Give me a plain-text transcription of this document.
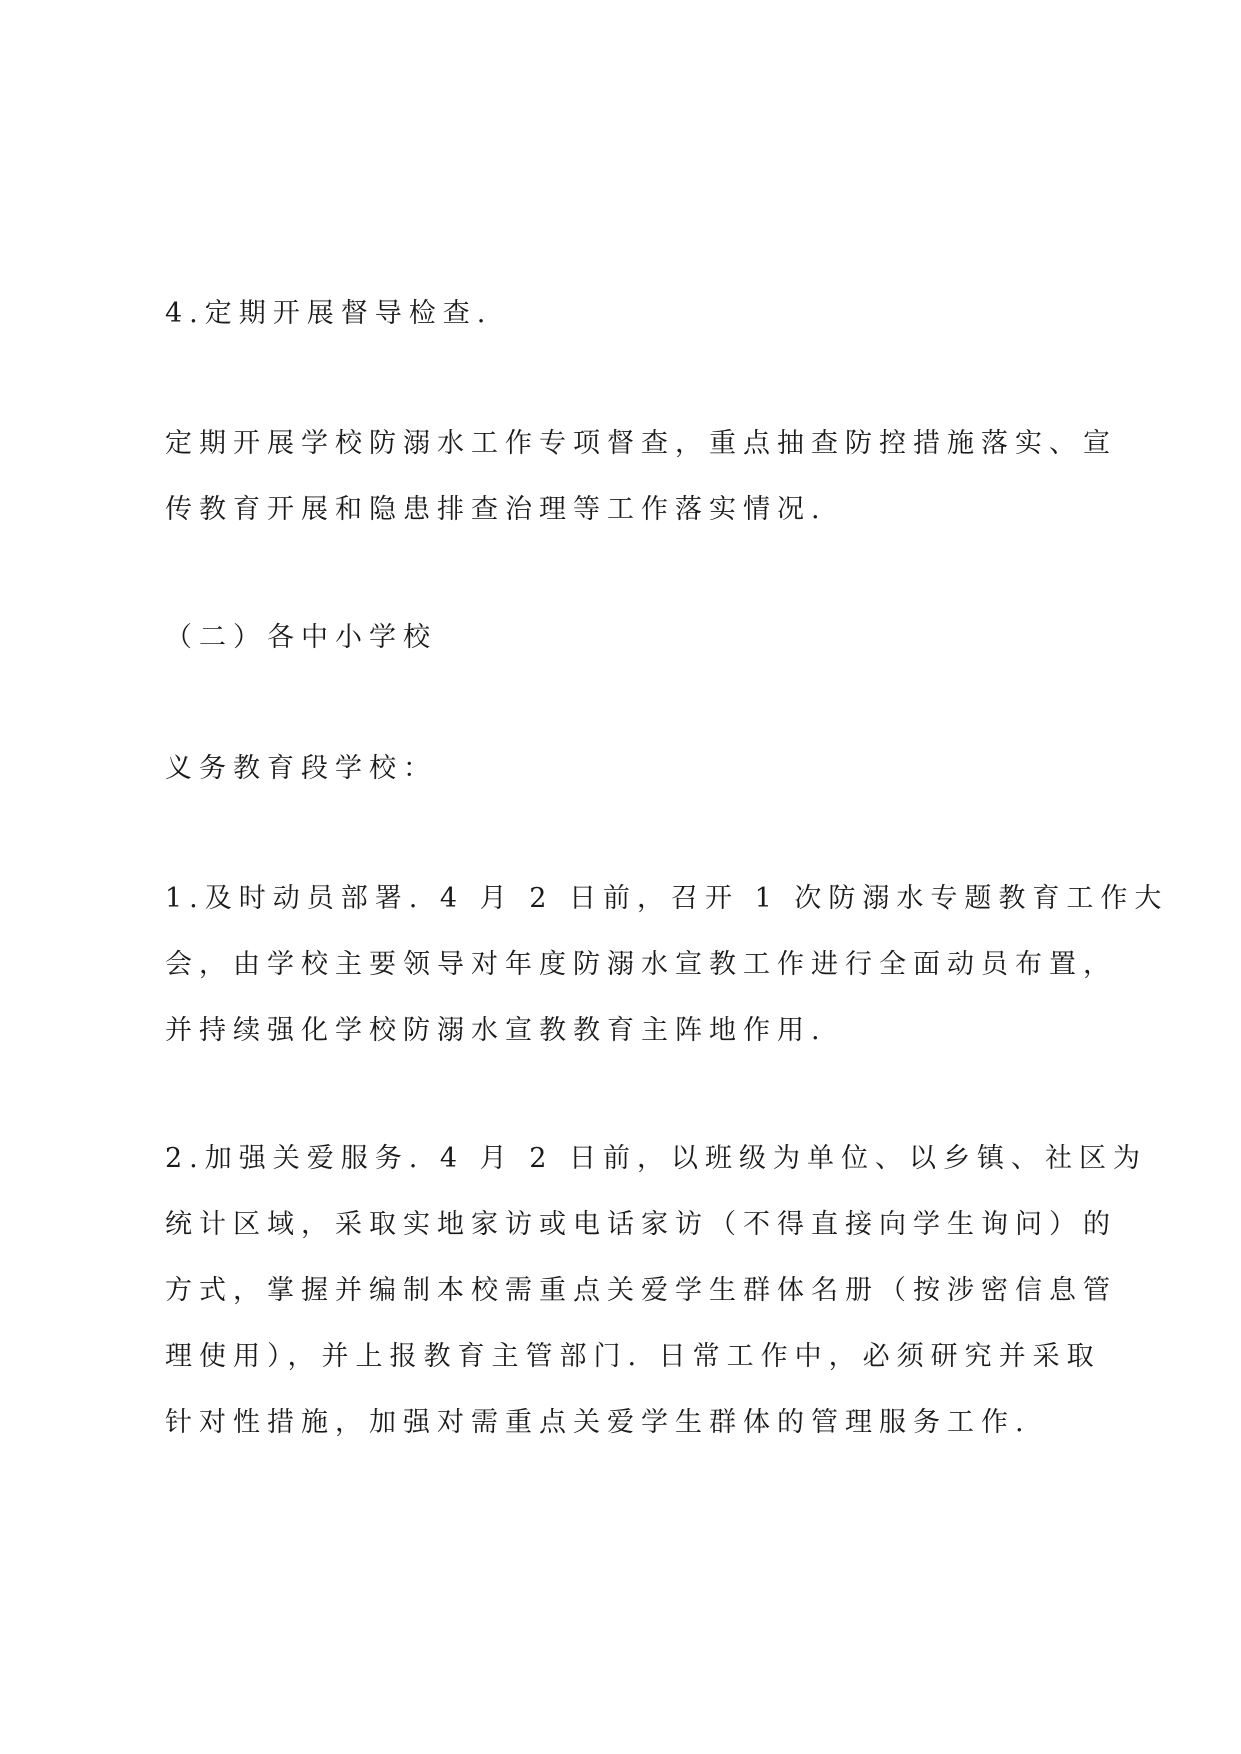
4.定期开展督导检查.

定期开展学校防溺水工作专项督查，重点抽查防控措施落实、宣
传教育开展和隐患排查治理等工作落实情况.

（二）各中小学校

义务教育段学校：

1.及时动员部署. 4 月 2 日前，召开 1 次防溺水专题教育工作大
会，由学校主要领导对年度防溺水宣教工作进行全面动员布置，
并持续强化学校防溺水宣教教育主阵地作用.

2.加强关爱服务. 4 月 2 日前，以班级为单位、以乡镇、社区为
统计区域，采取实地家访或电话家访（不得直接向学生询问）的
方式，掌握并编制本校需重点关爱学生群体名册（按涉密信息管
理使用），并上报教育主管部门. 日常工作中，必须研究并采取
针对性措施，加强对需重点关爱学生群体的管理服务工作.
